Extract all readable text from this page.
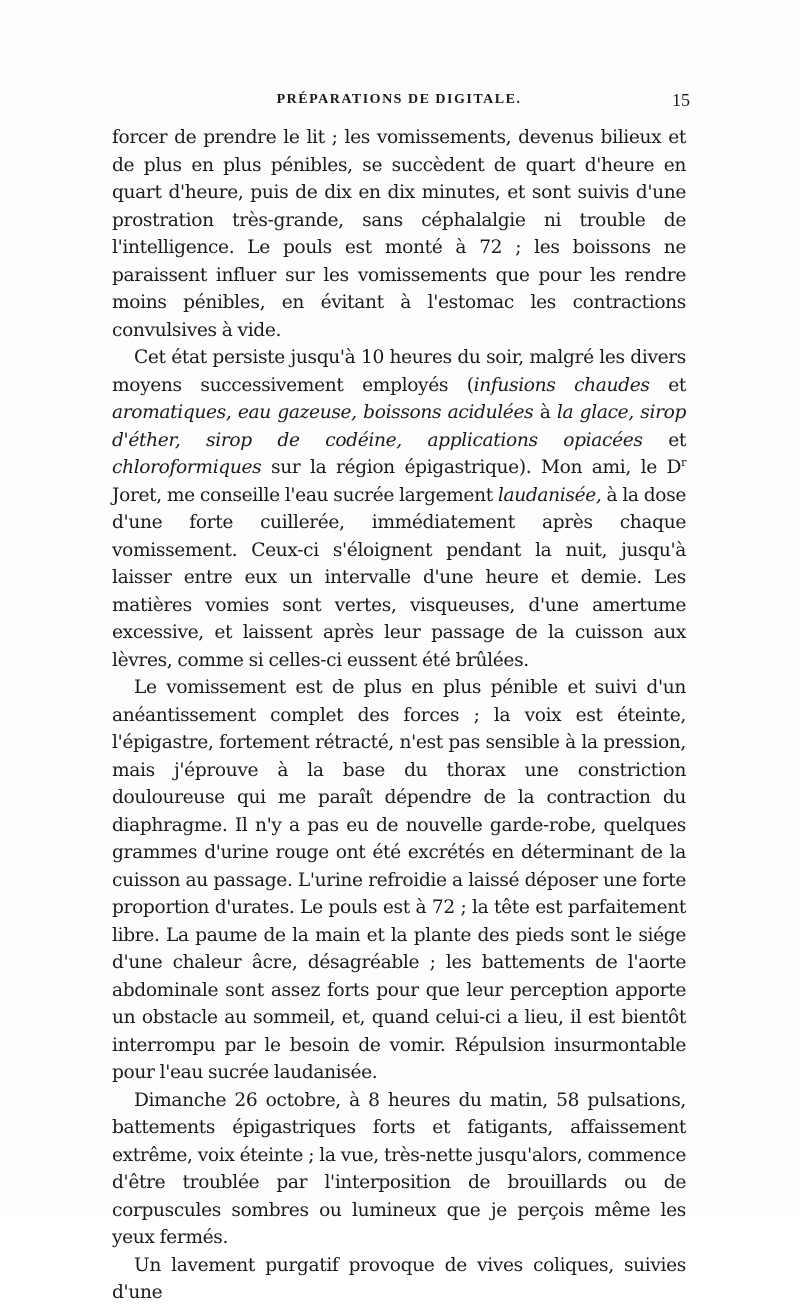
PRÉPARATIONS DE DIGITALE.	15

forcer de prendre le lit ; les vomissements, devenus bilieux et de plus en plus pénibles, se succèdent de quart d'heure en quart d'heure, puis de dix en dix minutes, et sont suivis d'une prostration très-grande, sans céphalalgie ni trouble de l'intelligence. Le pouls est monté à 72 ; les boissons ne paraissent influer sur les vomissements que pour les rendre moins pénibles, en évitant à l'estomac les contractions convulsives à vide.

Cet état persiste jusqu'à 10 heures du soir, malgré les divers moyens successivement employés (infusions chaudes et aromatiques, eau gazeuse, boissons acidulées à la glace, sirop d'éther, sirop de codéine, applications opiacées et chloroformiques sur la région épigastrique). Mon ami, le $D^r$ Joret, me conseille l'eau sucrée largement laudanisée, à la dose d'une forte cuillerée, immédiatement après chaque vomissement. Ceux-ci s'éloignent pendant la nuit, jusqu'à laisser entre eux un intervalle d'une heure et demie. Les matières vomies sont vertes, visqueuses, d'une amertume excessive, et laissent après leur passage de la cuisson aux lèvres, comme si celles-ci eussent été brûlées.

Le vomissement est de plus en plus pénible et suivi d'un anéantissement complet des forces ; la voix est éteinte, l'épigastre, fortement rétracté, n'est pas sensible à la pression, mais j'éprouve à la base du thorax une constriction douloureuse qui me paraît dépendre de la contraction du diaphragme. Il n'y a pas eu de nouvelle garde-robe, quelques grammes d'urine rouge ont été excrétés en déterminant de la cuisson au passage. L'urine refroidie a laissé déposer une forte proportion d'urates. Le pouls est à 72 ; la tête est parfaitement libre. La paume de la main et la plante des pieds sont le siége d'une chaleur âcre, désagréable ; les battements de l'aorte abdominale sont assez forts pour que leur perception apporte un obstacle au sommeil, et, quand celui-ci a lieu, il est bientôt interrompu par le besoin de vomir. Répulsion insurmontable pour l'eau sucrée laudanisée.

Dimanche 26 octobre, à 8 heures du matin, 58 pulsations, battements épigastriques forts et fatigants, affaissement extrême, voix éteinte ; la vue, très-nette jusqu'alors, commence d'être troublée par l'interposition de brouillards ou de corpuscules sombres ou lumineux que je perçois même les yeux fermés.

Un lavement purgatif provoque de vives coliques, suivies d'une
